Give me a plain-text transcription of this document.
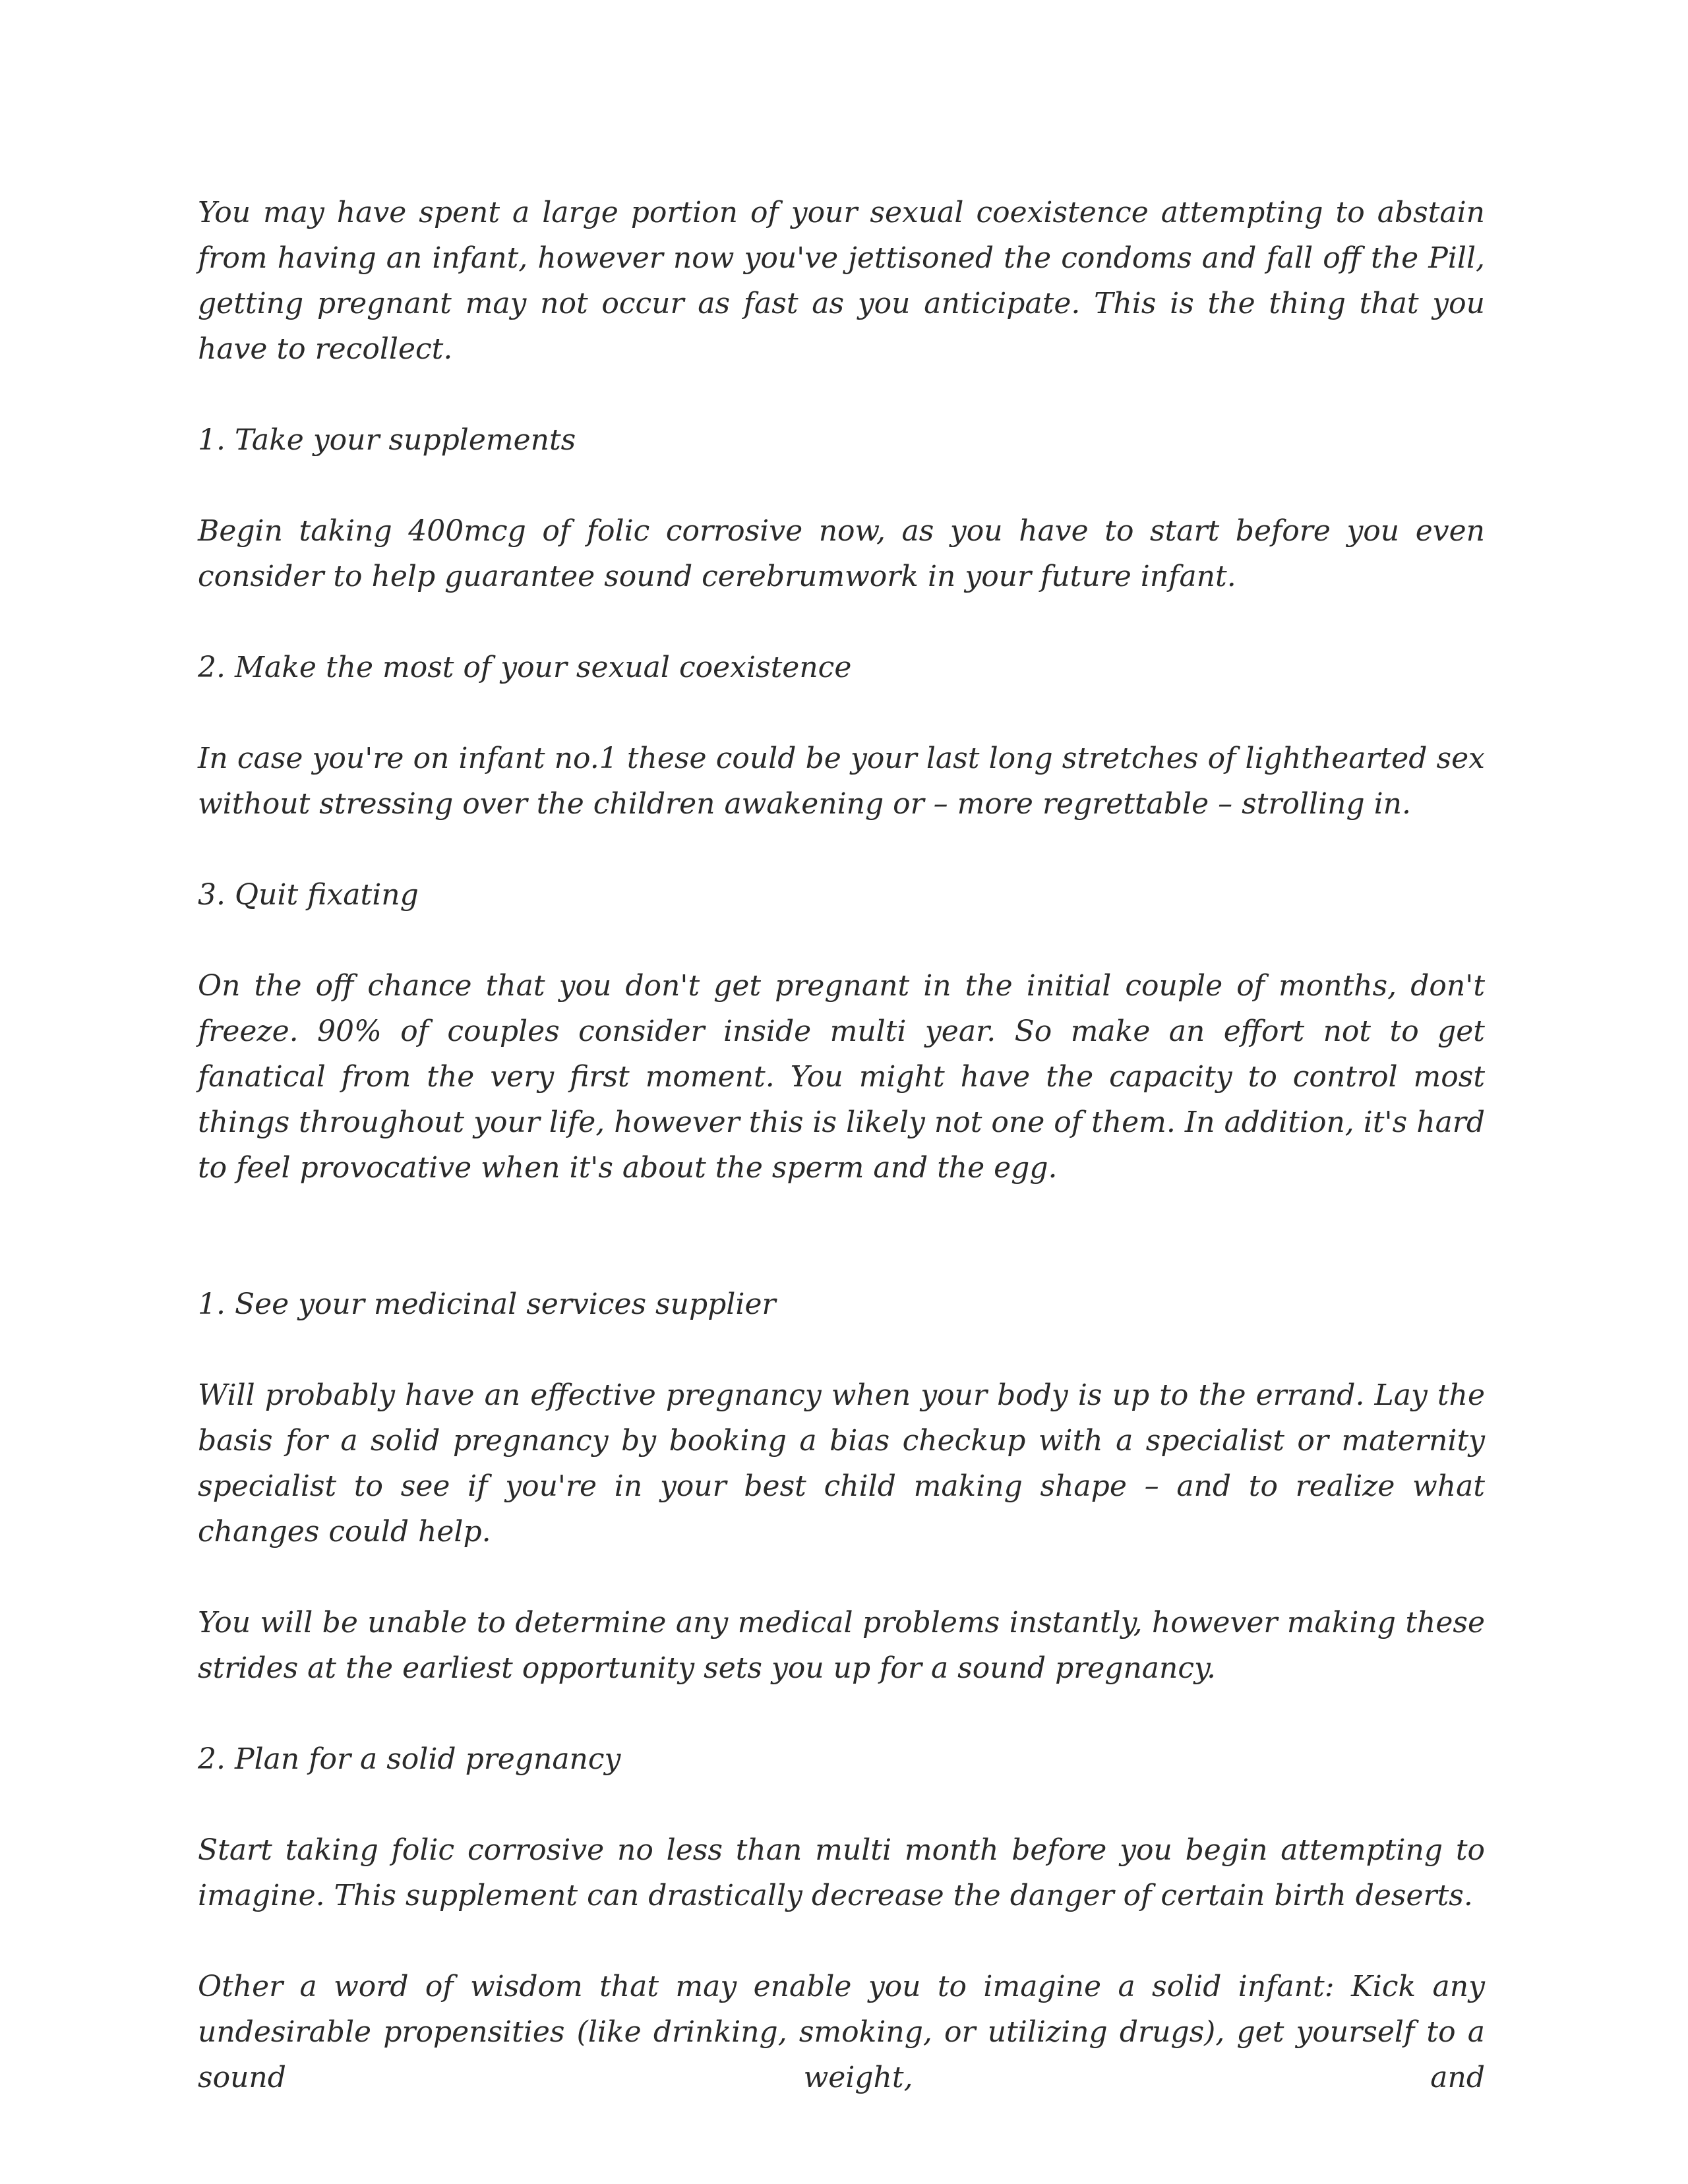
You may have spent a large portion of your sexual coexistence attempting to abstain from having an infant, however now you've jettisoned the condoms and fall off the Pill, getting pregnant may not occur as fast as you anticipate. This is the thing that you have to recollect.

1. Take your supplements

Begin taking 400mcg of folic corrosive now, as you have to start before you even consider to help guarantee sound cerebrumwork in your future infant.

2. Make the most of your sexual coexistence

In case you're on infant no.1 these could be your last long stretches of lighthearted sex without stressing over the children awakening or – more regrettable – strolling in.

3. Quit fixating

On the off chance that you don't get pregnant in the initial couple of months, don't freeze. 90% of couples consider inside multi year. So make an effort not to get fanatical from the very first moment. You might have the capacity to control most things throughout your life, however this is likely not one of them. In addition, it's hard to feel provocative when it's about the sperm and the egg.

1. See your medicinal services supplier

Will probably have an effective pregnancy when your body is up to the errand. Lay the basis for a solid pregnancy by booking a bias checkup with a specialist or maternity specialist to see if you're in your best child making shape – and to realize what changes could help.

You will be unable to determine any medical problems instantly, however making these strides at the earliest opportunity sets you up for a sound pregnancy.

2. Plan for a solid pregnancy

Start taking folic corrosive no less than multi month before you begin attempting to imagine. This supplement can drastically decrease the danger of certain birth deserts.

Other a word of wisdom that may enable you to imagine a solid infant: Kick any undesirable propensities (like drinking, smoking, or utilizing drugs), get yourself to a sound weight, and
